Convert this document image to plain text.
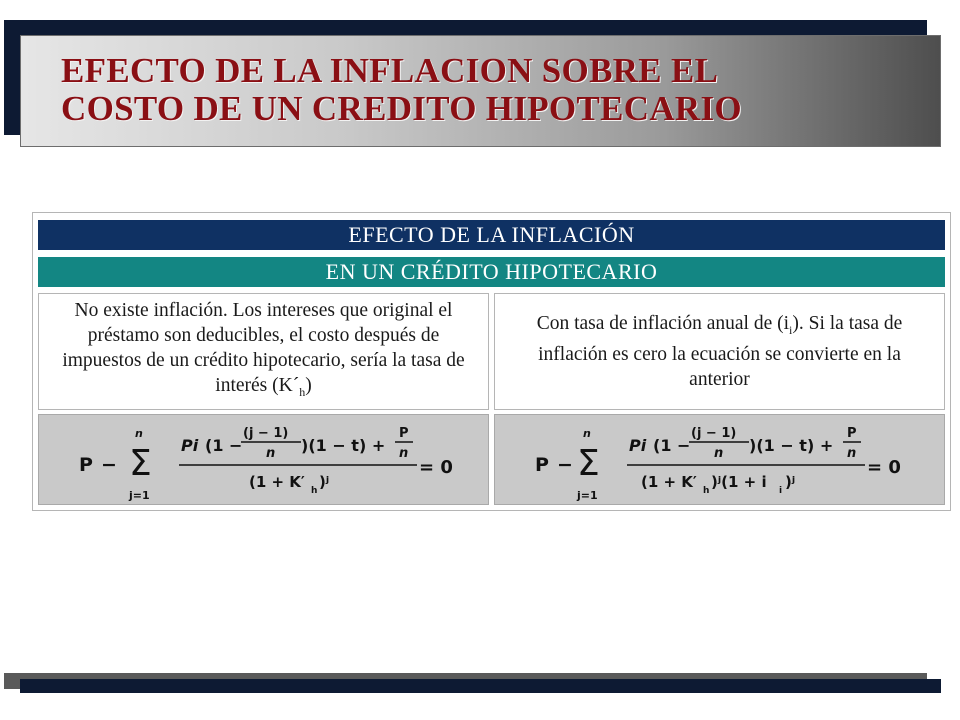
EFECTO DE LA INFLACION SOBRE EL
COSTO DE UN CREDITO HIPOTECARIO
EFECTO DE LA INFLACIÓN
EN UN CRÉDITO HIPOTECARIO
No existe inflación. Los intereses que original el préstamo son deducibles, el costo después de impuestos de un crédito hipotecario, sería la tasa de interés $(K´_h)$
Con tasa de inflación anual de $(i_i)$. Si la tasa de inflación es cero la ecuación se convierte en la anterior
P − Σ
n
j=1
Pi (1 −
(j − 1)
n )(1 − t) +
P
n
(1 + K′ h )ʲ
= 0	P − Σ
n
j=1
Pi (1 −
(j − 1)
n )(1 − t) +
P
n
(1 + K′ h )ʲ(1 + i i )ʲ
= 0
